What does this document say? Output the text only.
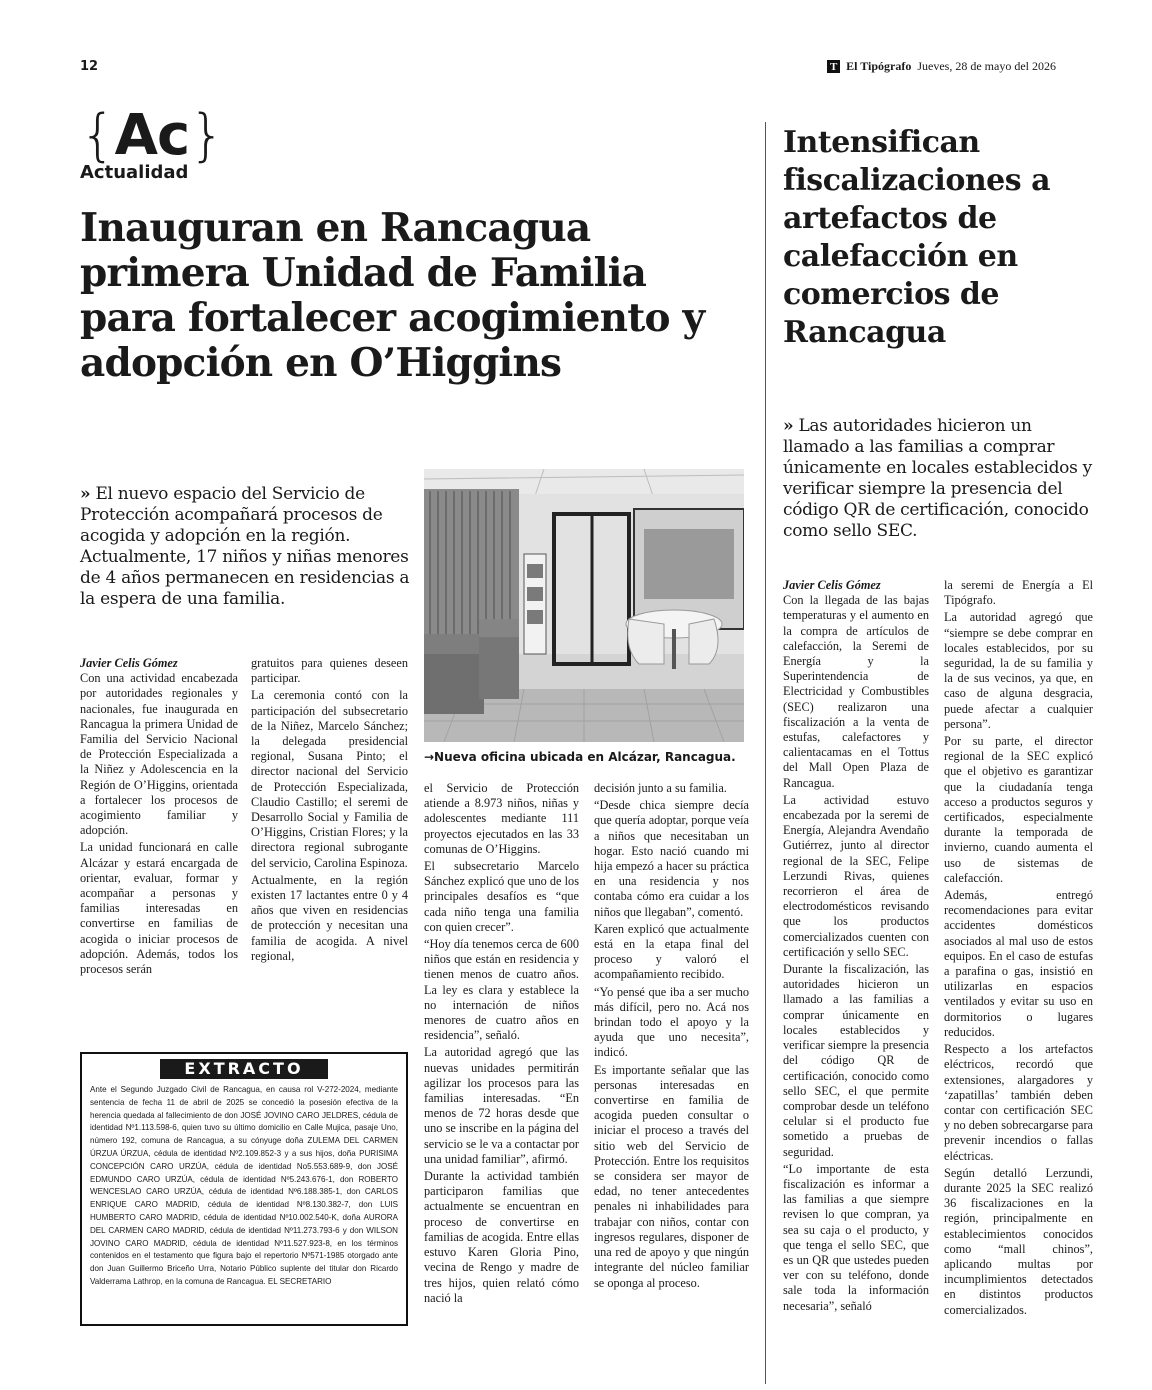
12	T El Tipógrafo Jueves, 28 de mayo del 2026
{Ac}
Actualidad
Inauguran en Rancagua primera Unidad de Familia para fortalecer acogimiento y adopción en O’Higgins
Intensifican fiscalizaciones a artefactos de calefacción en comercios de Rancagua
» El nuevo espacio del Servicio de Protección acompañará procesos de acogida y adopción en la región. Actualmente, 17 niños y niñas menores de 4 años permanecen en residencias a la espera de una familia.
» Las autoridades hicieron un llamado a las familias a comprar únicamente en locales establecidos y verificar siempre la presencia del código QR de certificación, conocido como sello SEC.
→Nueva oficina ubicada en Alcázar, Rancagua.
Javier Celis Gómez

Con una actividad encabezada por autoridades regionales y nacionales, fue inaugurada en Rancagua la primera Unidad de Familia del Servicio Nacional de Protección Especializada a la Niñez y Adolescencia en la Región de O’Higgins, orientada a fortalecer los procesos de acogimiento familiar y adopción.

La unidad funcionará en calle Alcázar y estará encargada de orientar, evaluar, formar y acompañar a personas y familias interesadas en convertirse en familias de acogida o iniciar procesos de adopción. Además, todos los procesos serán

gratuitos para quienes deseen participar.

La ceremonia contó con la participación del subsecretario de la Niñez, Marcelo Sánchez; la delegada presidencial regional, Susana Pinto; el director nacional del Servicio de Protección Especializada, Claudio Castillo; el seremi de Desarrollo Social y Familia de O’Higgins, Cristian Flores; y la directora regional subrogante del servicio, Carolina Espinoza.

Actualmente, en la región existen 17 lactantes entre 0 y 4 años que viven en residencias de protección y necesitan una familia de acogida. A nivel regional,

el Servicio de Protección atiende a 8.973 niños, niñas y adolescentes mediante 111 proyectos ejecutados en las 33 comunas de O’Higgins.

El subsecretario Marcelo Sánchez explicó que uno de los principales desafíos es “que cada niño tenga una familia con quien crecer”.

“Hoy día tenemos cerca de 600 niños que están en residencia y tienen menos de cuatro años. La ley es clara y establece la no internación de niños menores de cuatro años en residencia”, señaló.

La autoridad agregó que las nuevas unidades permitirán agilizar los procesos para las familias interesadas. “En menos de 72 horas desde que uno se inscribe en la página del servicio se le va a contactar por una unidad familiar”, afirmó.

Durante la actividad también participaron familias que actualmente se encuentran en proceso de convertirse en familias de acogida. Entre ellas estuvo Karen Gloria Pino, vecina de Rengo y madre de tres hijos, quien relató cómo nació la

decisión junto a su familia.

“Desde chica siempre decía que quería adoptar, porque veía a niños que necesitaban un hogar. Esto nació cuando mi hija empezó a hacer su práctica en una residencia y nos contaba cómo era cuidar a los niños que llegaban”, comentó.

Karen explicó que actualmente está en la etapa final del proceso y valoró el acompañamiento recibido.

“Yo pensé que iba a ser mucho más difícil, pero no. Acá nos brindan todo el apoyo y la ayuda que uno necesita”, indicó.

Es importante señalar que las personas interesadas en convertirse en familia de acogida pueden consultar o iniciar el proceso a través del sitio web del Servicio de Protección. Entre los requisitos se considera ser mayor de edad, no tener antecedentes penales ni inhabilidades para trabajar con niños, contar con ingresos regulares, disponer de una red de apoyo y que ningún integrante del núcleo familiar se oponga al proceso.

EXTRACTO
Ante el Segundo Juzgado Civil de Rancagua, en causa rol V-272-2024, mediante sentencia de fecha 11 de abril de 2025 se concedió la posesión efectiva de la herencia quedada al fallecimiento de don JOSÉ JOVINO CARO JELDRES, cédula de identidad Nº1.113.598-6, quien tuvo su último domicilio en Calle Mujica, pasaje Uno, número 192, comuna de Rancagua, a su cónyuge doña ZULEMA DEL CARMEN ÚRZUA ÚRZUA, cédula de identidad Nº2.109.852-3 y a sus hijos, doña PURISIMA CONCEPCIÓN CARO URZÚA, cédula de identidad No5.553.689-9, don JOSÉ EDMUNDO CARO URZÚA, cédula de identidad Nº5.243.676-1, don ROBERTO WENCESLAO CARO URZÚA, cédula de identidad Nº6.188.385-1, don CARLOS ENRIQUE CARO MADRID, cédula de identidad Nº8.130.382-7, don LUIS HUMBERTO CARO MADRID, cédula de identidad Nº10.002.540-K, doña AURORA DEL CARMEN CARO MADRID, cédula de identidad Nº11.273.793-6 y don WILSON JOVINO CARO MADRID, cédula de identidad Nº11.527.923-8, en los términos contenidos en el testamento que figura bajo el repertorio Nº571-1985 otorgado ante don Juan Guillermo Briceño Urra, Notario Público suplente del titular don Ricardo Valderrama Lathrop, en la comuna de Rancagua. EL SECRETARIO
Javier Celis Gómez

Con la llegada de las bajas temperaturas y el aumento en la compra de artículos de calefacción, la Seremi de Energía y la Superintendencia de Electricidad y Combustibles (SEC) realizaron una fiscalización a la venta de estufas, calefactores y calientacamas en el Tottus del Mall Open Plaza de Rancagua.

La actividad estuvo encabezada por la seremi de Energía, Alejandra Avendaño Gutiérrez, junto al director regional de la SEC, Felipe Lerzundi Rivas, quienes recorrieron el área de electrodomésticos revisando que los productos comercializados cuenten con certificación y sello SEC.

Durante la fiscalización, las autoridades hicieron un llamado a las familias a comprar únicamente en locales establecidos y verificar siempre la presencia del código QR de certificación, conocido como sello SEC, el que permite comprobar desde un teléfono celular si el producto fue sometido a pruebas de seguridad.

“Lo importante de esta fiscalización es informar a las familias a que siempre revisen lo que compran, ya sea su caja o el producto, y que tenga el sello SEC, que es un QR que ustedes pueden ver con su teléfono, donde sale toda la información necesaria”, señaló

la seremi de Energía a El Tipógrafo.

La autoridad agregó que “siempre se debe comprar en locales establecidos, por su seguridad, la de su familia y la de sus vecinos, ya que, en caso de alguna desgracia, puede afectar a cualquier persona”.

Por su parte, el director regional de la SEC explicó que el objetivo es garantizar que la ciudadanía tenga acceso a productos seguros y certificados, especialmente durante la temporada de invierno, cuando aumenta el uso de sistemas de calefacción.

Además, entregó recomendaciones para evitar accidentes domésticos asociados al mal uso de estos equipos. En el caso de estufas a parafina o gas, insistió en utilizarlas en espacios ventilados y evitar su uso en dormitorios o lugares reducidos.

Respecto a los artefactos eléctricos, recordó que extensiones, alargadores y ‘zapatillas’ también deben contar con certificación SEC y no deben sobrecargarse para prevenir incendios o fallas eléctricas.

Según detalló Lerzundi, durante 2025 la SEC realizó 36 fiscalizaciones en la región, principalmente en establecimientos conocidos como “mall chinos”, aplicando multas por incumplimientos detectados en distintos productos comercializados.
